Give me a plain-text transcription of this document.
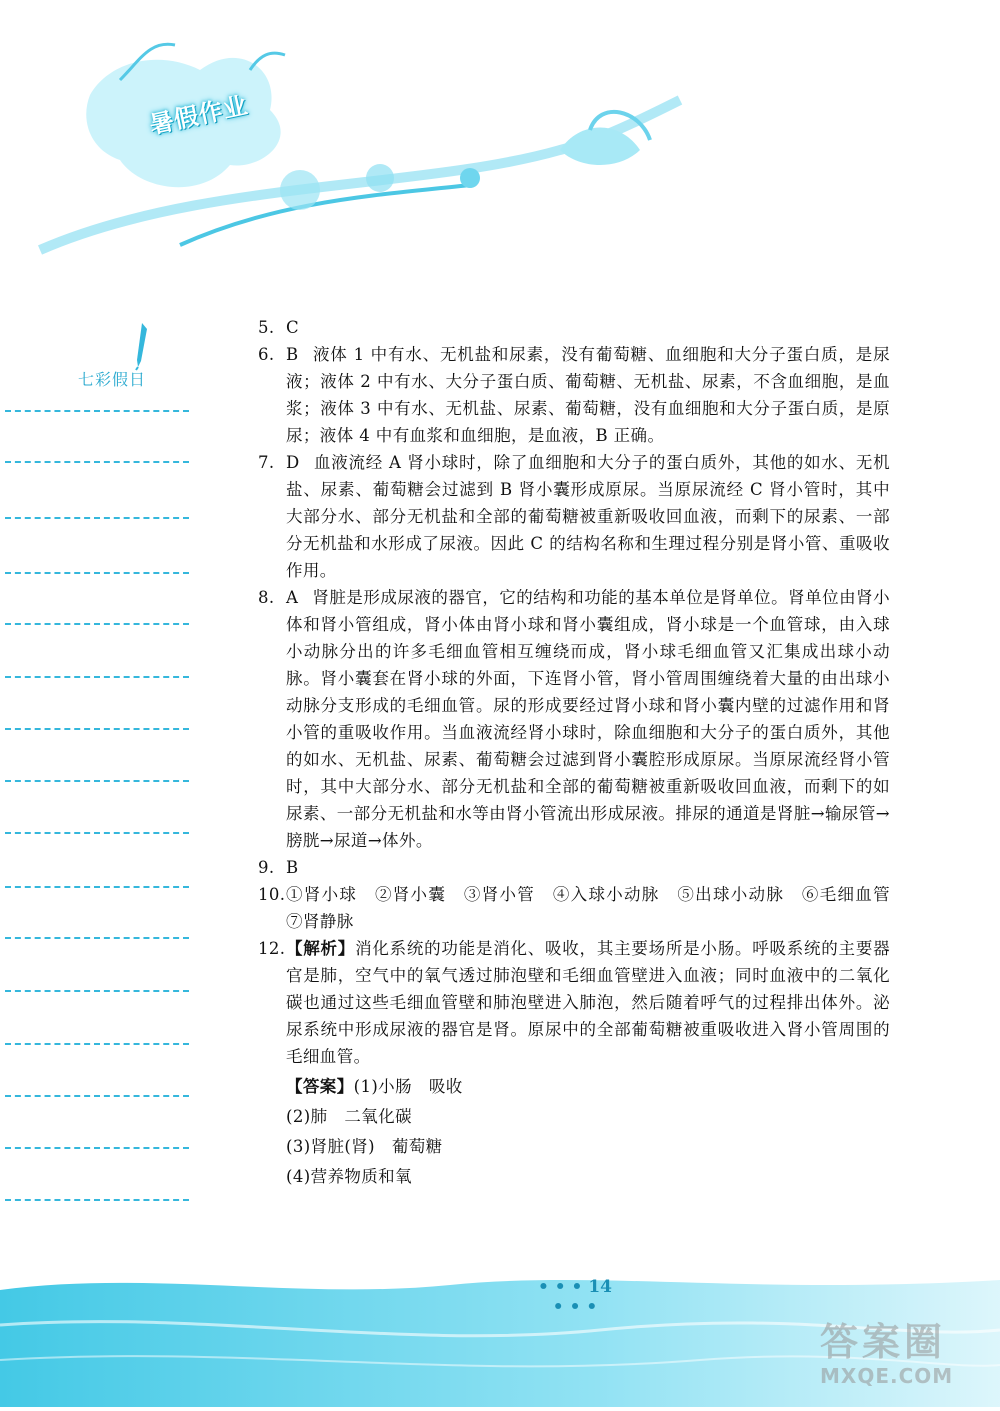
暑假作业
七彩假日

5. C

6. B 液体 1 中有水、无机盐和尿素，没有葡萄糖、血细胞和大分子蛋白质，是尿液；液体 2 中有水、大分子蛋白质、葡萄糖、无机盐、尿素，不含血细胞，是血浆；液体 3 中有水、无机盐、尿素、葡萄糖，没有血细胞和大分子蛋白质，是原尿；液体 4 中有血浆和血细胞，是血液，B 正确。

7. D 血液流经 A 肾小球时，除了血细胞和大分子的蛋白质外，其他的如水、无机盐、尿素、葡萄糖会过滤到 B 肾小囊形成原尿。当原尿流经 C 肾小管时，其中大部分水、部分无机盐和全部的葡萄糖被重新吸收回血液，而剩下的尿素、一部分无机盐和水形成了尿液。因此 C 的结构名称和生理过程分别是肾小管、重吸收作用。

8. A 肾脏是形成尿液的器官，它的结构和功能的基本单位是肾单位。肾单位由肾小体和肾小管组成，肾小体由肾小球和肾小囊组成，肾小球是一个血管球，由入球小动脉分出的许多毛细血管相互缠绕而成，肾小球毛细血管又汇集成出球小动脉。肾小囊套在肾小球的外面，下连肾小管，肾小管周围缠绕着大量的由出球小动脉分支形成的毛细血管。尿的形成要经过肾小球和肾小囊内壁的过滤作用和肾小管的重吸收作用。当血液流经肾小球时，除血细胞和大分子的蛋白质外，其他的如水、无机盐、尿素、葡萄糖会过滤到肾小囊腔形成原尿。当原尿流经肾小管时，其中大部分水、部分无机盐和全部的葡萄糖被重新吸收回血液，而剩下的如尿素、一部分无机盐和水等由肾小管流出形成尿液。排尿的通道是肾脏→输尿管→膀胱→尿道→体外。

9. B

10. ①肾小球　②肾小囊　③肾小管　④入球小动脉　⑤出球小动脉　⑥毛细血管　⑦肾静脉

12. 【解析】消化系统的功能是消化、吸收，其主要场所是小肠。呼吸系统的主要器官是肺，空气中的氧气透过肺泡壁和毛细血管壁进入血液；同时血液中的二氧化碳也通过这些毛细血管壁和肺泡壁进入肺泡，然后随着呼气的过程排出体外。泌尿系统中形成尿液的器官是肾。原尿中的全部葡萄糖被重吸收进入肾小管周围的毛细血管。

【答案】(1)小肠　吸收

(2)肺　二氧化碳

(3)肾脏(肾)　葡萄糖

(4)营养物质和氧

• • • 14 • • •
答案圈
MXQE.COM
